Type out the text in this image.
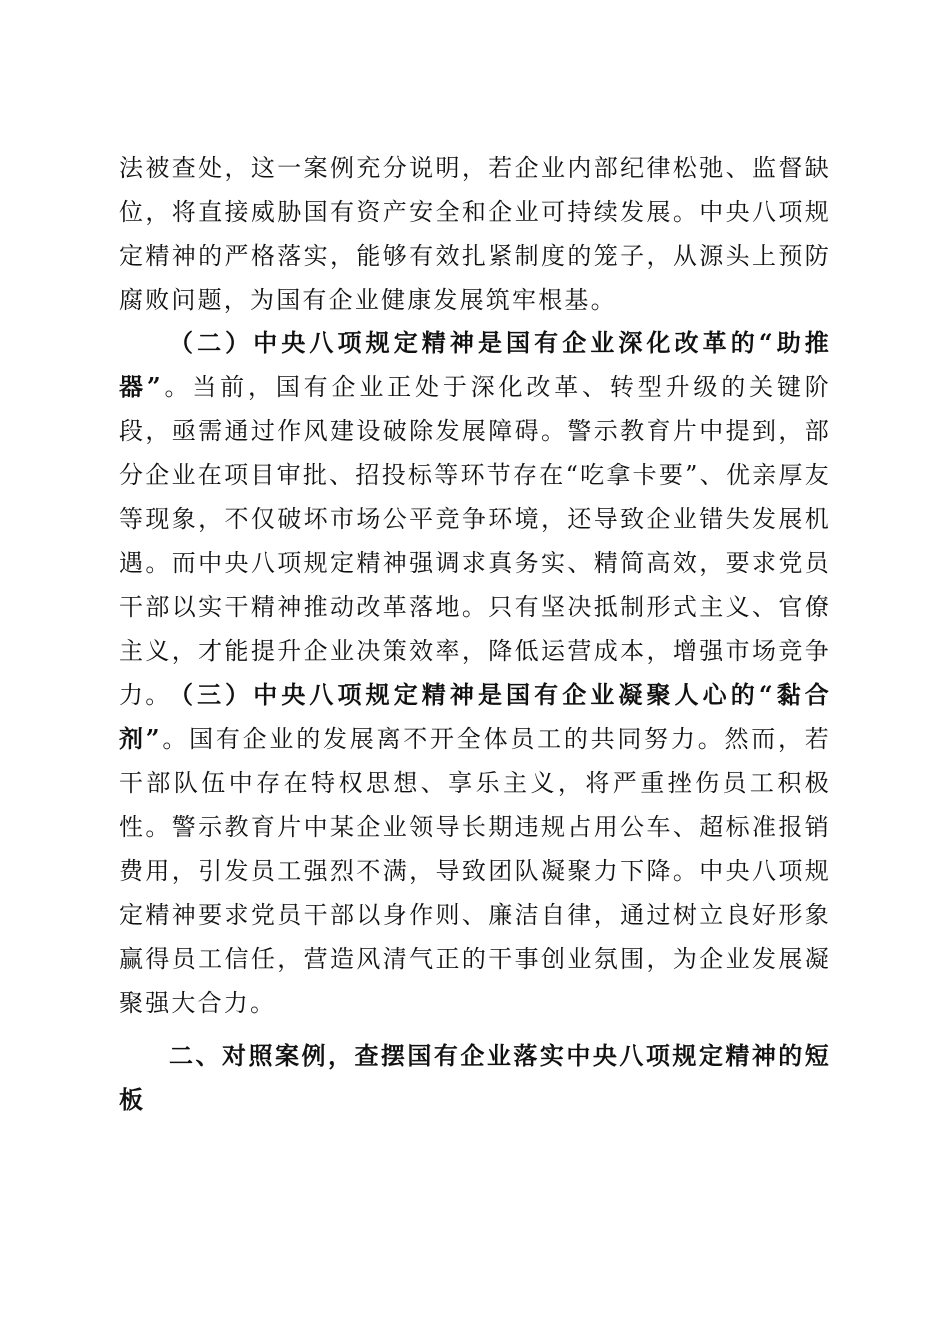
法被查处，这一案例充分说明，若企业内部纪律松弛、监督缺位，将直接威胁国有资产安全和企业可持续发展。中央八项规定精神的严格落实，能够有效扎紧制度的笼子，从源头上预防腐败问题，为国有企业健康发展筑牢根基。

（二）中央八项规定精神是国有企业深化改革的“助推器”。当前，国有企业正处于深化改革、转型升级的关键阶段，亟需通过作风建设破除发展障碍。警示教育片中提到，部分企业在项目审批、招投标等环节存在“吃拿卡要”、优亲厚友等现象，不仅破坏市场公平竞争环境，还导致企业错失发展机遇。而中央八项规定精神强调求真务实、精简高效，要求党员干部以实干精神推动改革落地。只有坚决抵制形式主义、官僚主义，才能提升企业决策效率，降低运营成本，增强市场竞争力。

（三）中央八项规定精神是国有企业凝聚人心的“黏合剂”。国有企业的发展离不开全体员工的共同努力。然而，若干部队伍中存在特权思想、享乐主义，将严重挫伤员工积极性。警示教育片中某企业领导长期违规占用公车、超标准报销费用，引发员工强烈不满，导致团队凝聚力下降。中央八项规定精神要求党员干部以身作则、廉洁自律，通过树立良好形象赢得员工信任，营造风清气正的干事创业氛围，为企业发展凝聚强大合力。

二、对照案例，查摆国有企业落实中央八项规定精神的短板
